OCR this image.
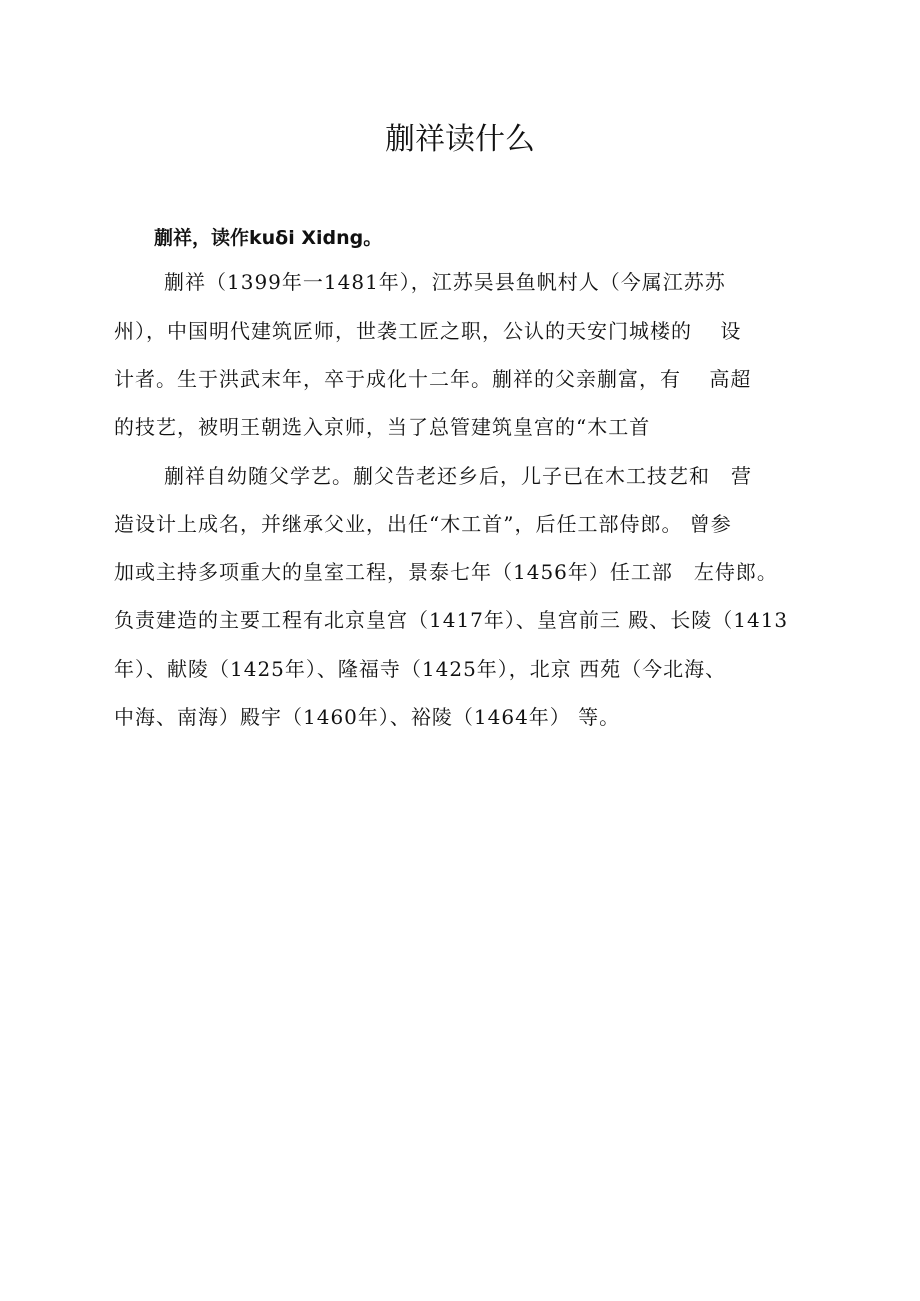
蒯祥读什么

蒯祥，读作kuδi Xidng。

蒯祥（1399年一1481年），江苏吴县鱼帆村人（今属江苏苏

州），中国明代建筑匠师，世袭工匠之职，公认的天安门城楼的　 设

计者。生于洪武末年，卒于成化十二年。蒯祥的父亲蒯富，有　 高超

的技艺，被明王朝选入京师，当了总管建筑皇宫的“木工首

蒯祥自幼随父学艺。蒯父告老还乡后，儿子已在木工技艺和　营

造设计上成名，并继承父业，出任“木工首”，后任工部侍郎。 曾参

加或主持多项重大的皇室工程，景泰七年（1456年）任工部　左侍郎。

负责建造的主要工程有北京皇宫（1417年）、皇宫前三 殿、长陵（1413

年）、献陵（1425年）、隆福寺（1425年），北京 西苑（今北海、

中海、南海）殿宇（1460年）、裕陵（1464年） 等。
